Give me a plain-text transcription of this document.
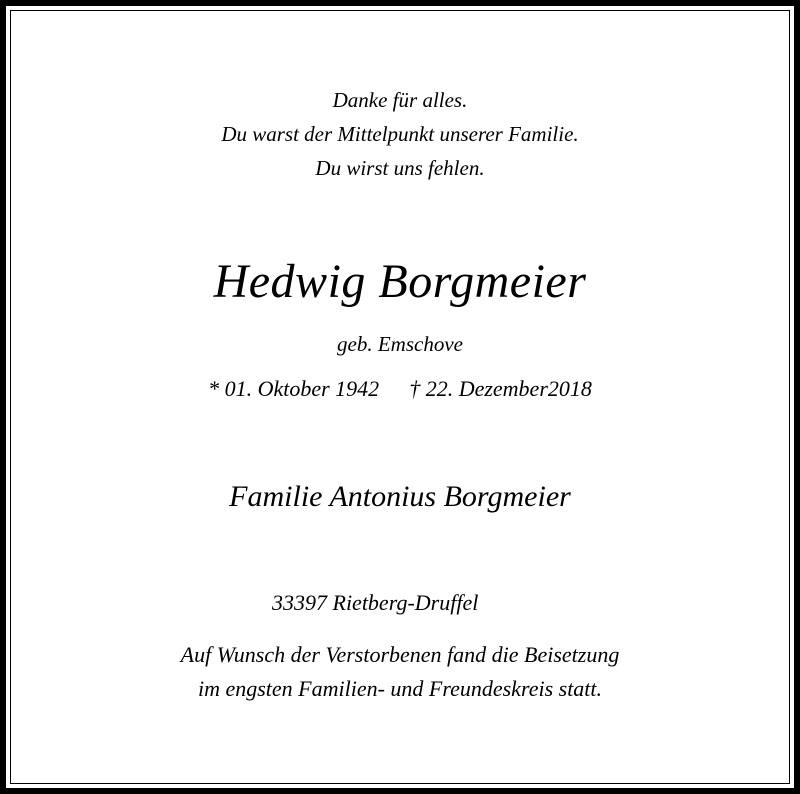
Danke für alles.
Du warst der Mittelpunkt unserer Familie.
Du wirst uns fehlen.
Hedwig Borgmeier
geb. Emschove
* 01. Oktober 1942 † 22. Dezember2018
Familie Antonius Borgmeier
33397 Rietberg-Druffel
Auf Wunsch der Verstorbenen fand die Beisetzung
im engsten Familien- und Freundeskreis statt.
